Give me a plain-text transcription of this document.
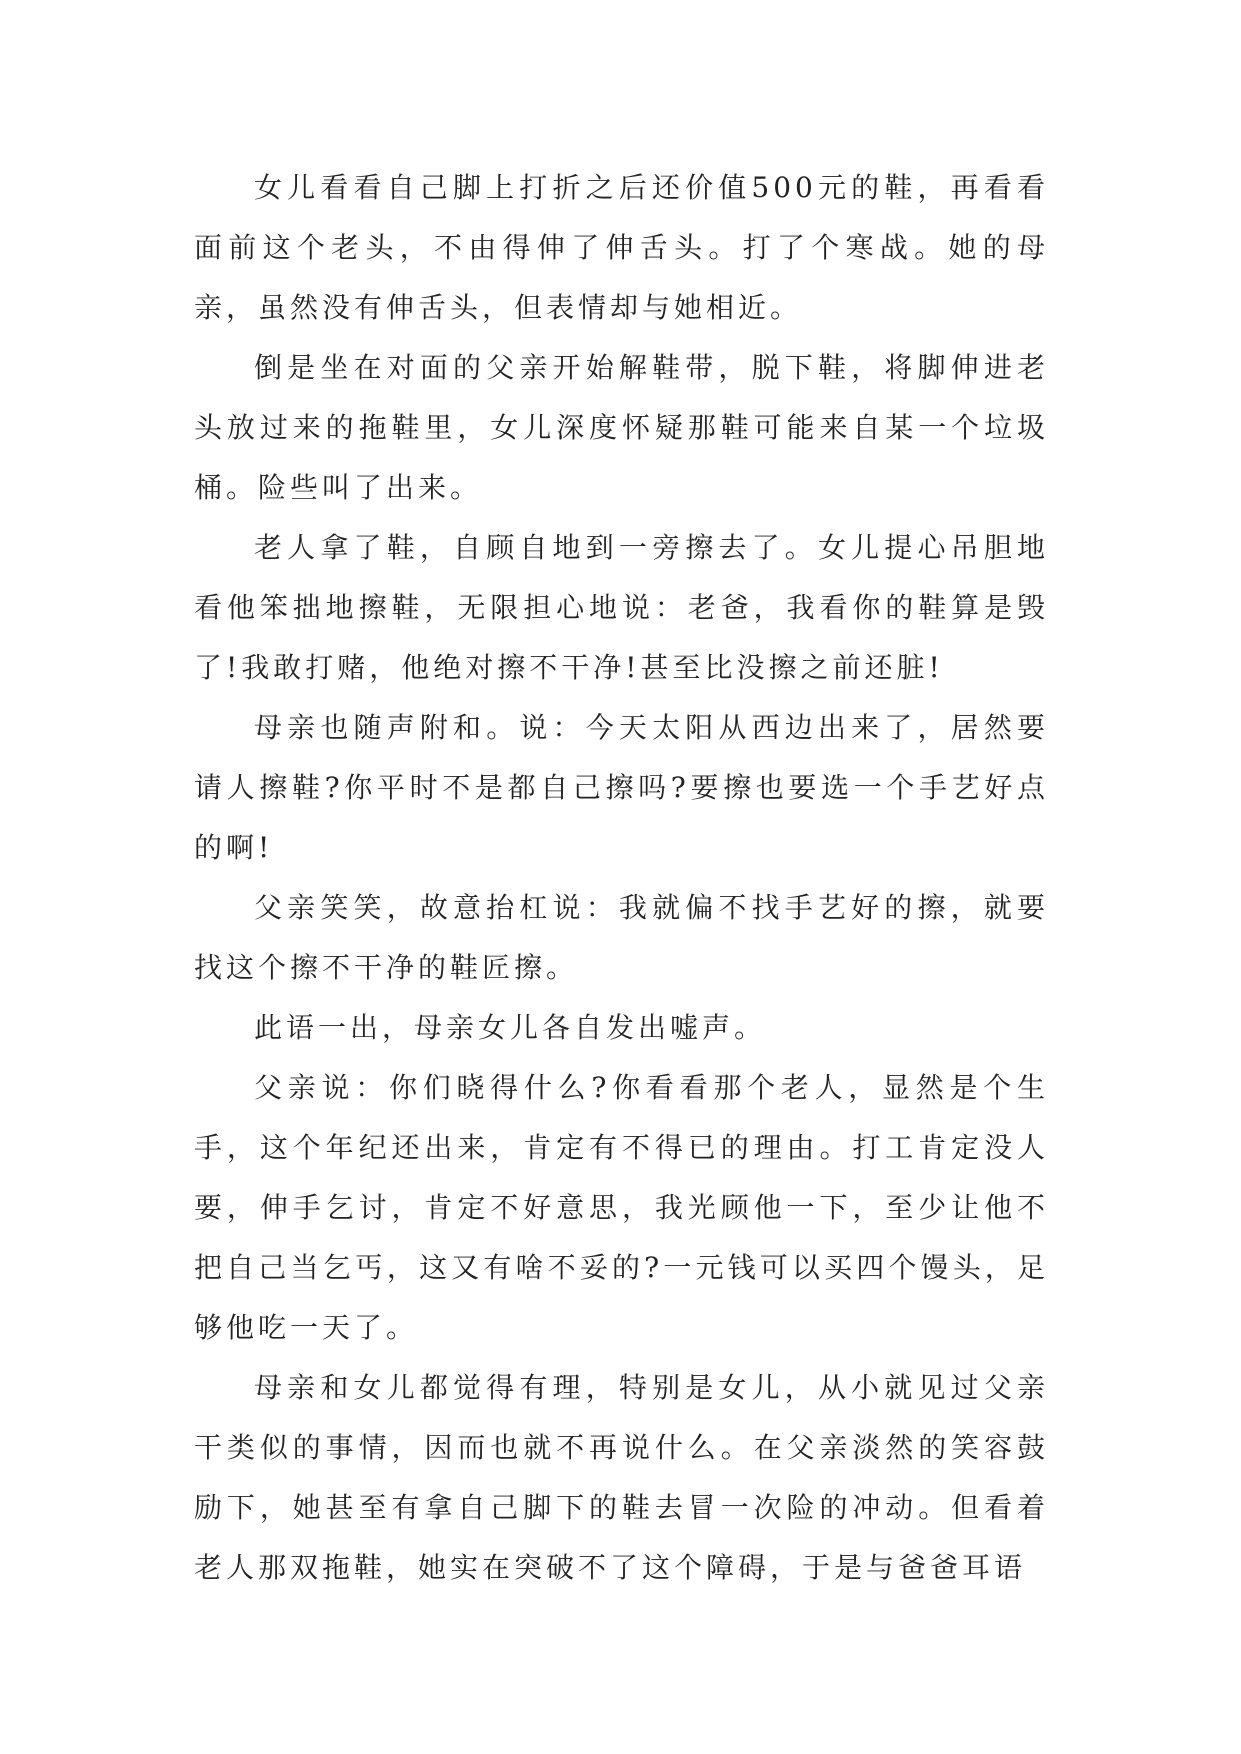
女儿看看自己脚上打折之后还价值500元的鞋，再看看面前这个老头，不由得伸了伸舌头。打了个寒战。她的母亲，虽然没有伸舌头，但表情却与她相近。

倒是坐在对面的父亲开始解鞋带，脱下鞋，将脚伸进老头放过来的拖鞋里，女儿深度怀疑那鞋可能来自某一个垃圾桶。险些叫了出来。

老人拿了鞋，自顾自地到一旁擦去了。女儿提心吊胆地看他笨拙地擦鞋，无限担心地说：老爸，我看你的鞋算是毁了!我敢打赌，他绝对擦不干净!甚至比没擦之前还脏!

母亲也随声附和。说：今天太阳从西边出来了，居然要请人擦鞋?你平时不是都自己擦吗?要擦也要选一个手艺好点的啊!

父亲笑笑，故意抬杠说：我就偏不找手艺好的擦，就要找这个擦不干净的鞋匠擦。

此语一出，母亲女儿各自发出嘘声。

父亲说：你们晓得什么?你看看那个老人，显然是个生手，这个年纪还出来，肯定有不得已的理由。打工肯定没人要，伸手乞讨，肯定不好意思，我光顾他一下，至少让他不把自己当乞丐，这又有啥不妥的?一元钱可以买四个馒头，足够他吃一天了。

母亲和女儿都觉得有理，特别是女儿，从小就见过父亲干类似的事情，因而也就不再说什么。在父亲淡然的笑容鼓励下，她甚至有拿自己脚下的鞋去冒一次险的冲动。但看着老人那双拖鞋，她实在突破不了这个障碍，于是与爸爸耳语
